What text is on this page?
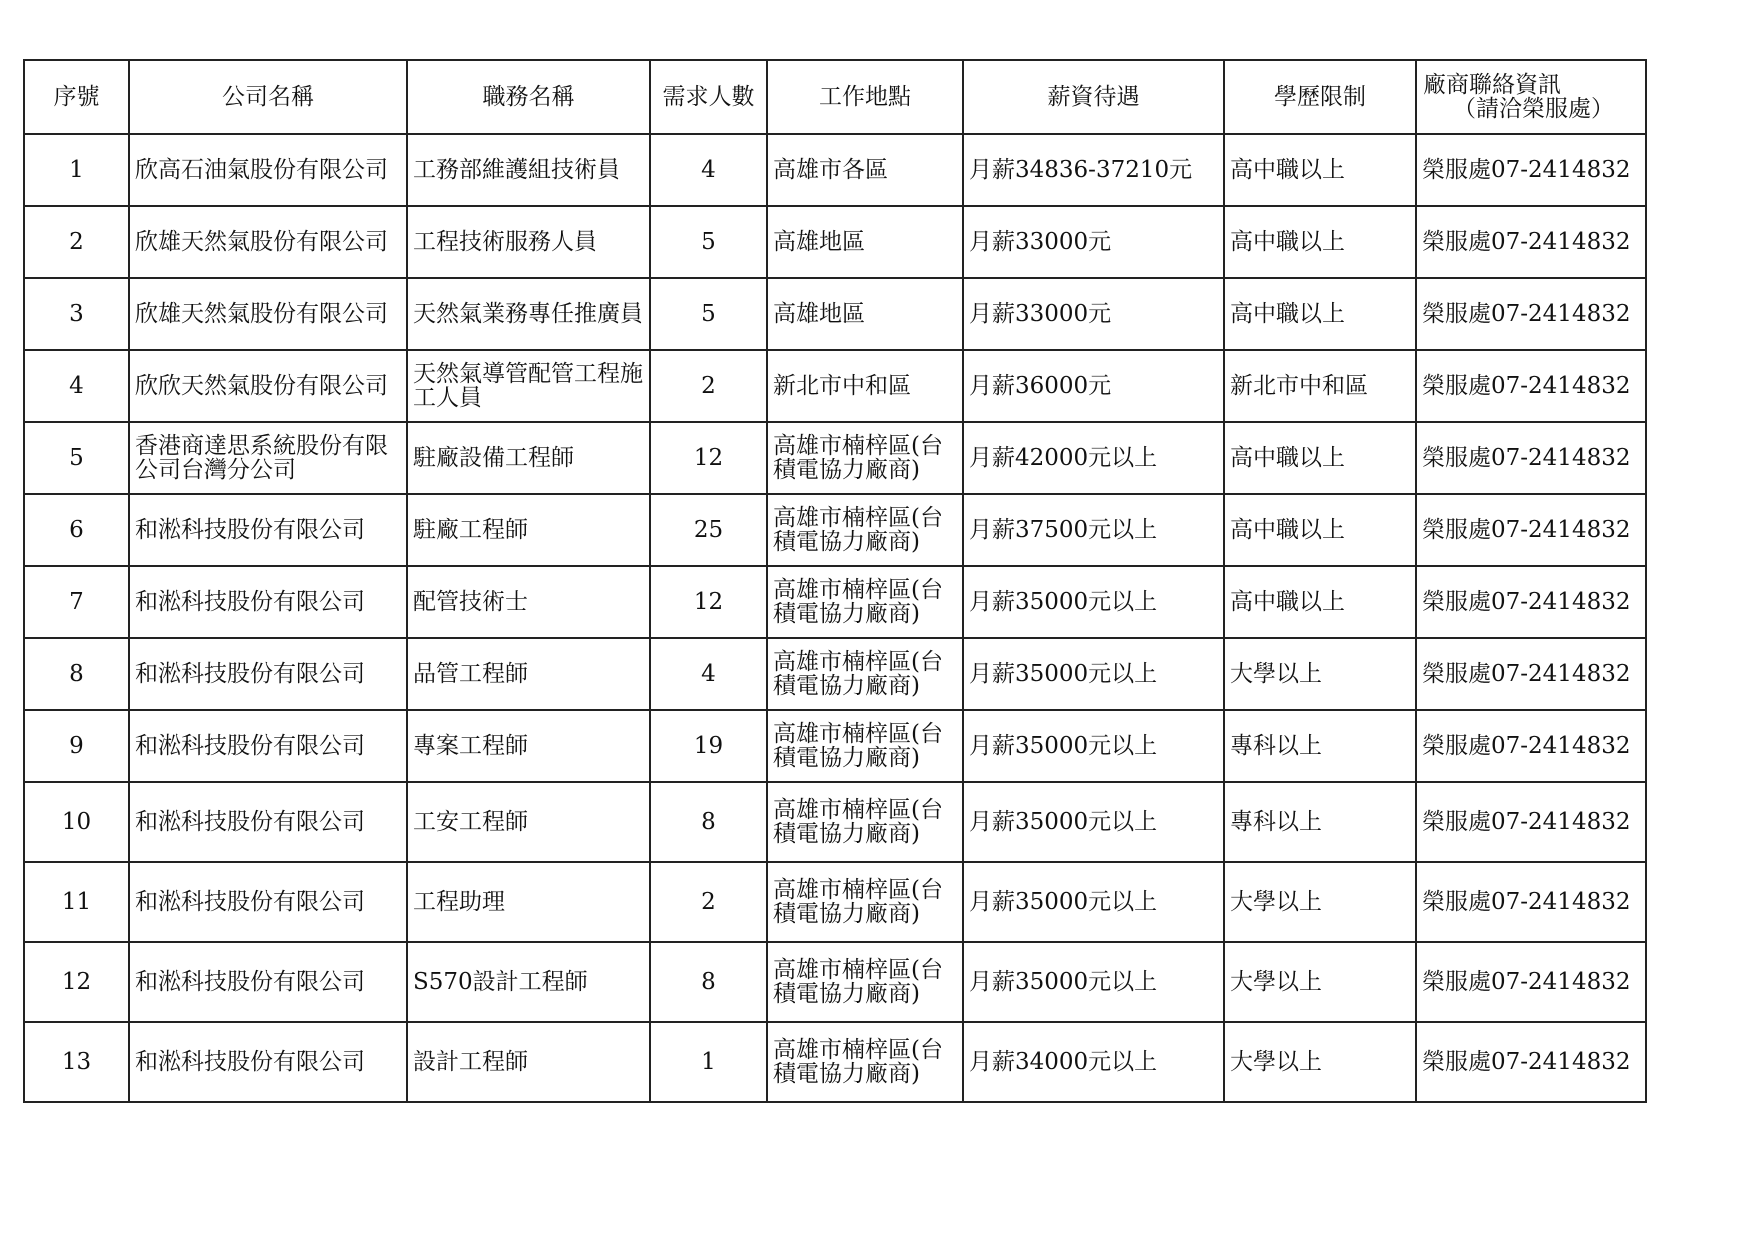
序號	公司名稱	職務名稱	需求人數	工作地點	薪資待遇	學歷限制	廠商聯絡資訊
（請洽榮服處）

1	欣高石油氣股份有限公司	工務部維護組技術員	4	高雄市各區	月薪34836-37210元	高中職以上	榮服處07-2414832
2	欣雄天然氣股份有限公司	工程技術服務人員	5	高雄地區	月薪33000元	高中職以上	榮服處07-2414832
3	欣雄天然氣股份有限公司	天然氣業務專任推廣員	5	高雄地區	月薪33000元	高中職以上	榮服處07-2414832
4	欣欣天然氣股份有限公司	天然氣導管配管工程施工人員	2	新北市中和區	月薪36000元	新北市中和區	榮服處07-2414832
5	香港商達思系統股份有限公司台灣分公司	駐廠設備工程師	12	高雄市楠梓區(台積電協力廠商)	月薪42000元以上	高中職以上	榮服處07-2414832
6	和淞科技股份有限公司	駐廠工程師	25	高雄市楠梓區(台積電協力廠商)	月薪37500元以上	高中職以上	榮服處07-2414832
7	和淞科技股份有限公司	配管技術士	12	高雄市楠梓區(台積電協力廠商)	月薪35000元以上	高中職以上	榮服處07-2414832
8	和淞科技股份有限公司	品管工程師	4	高雄市楠梓區(台積電協力廠商)	月薪35000元以上	大學以上	榮服處07-2414832
9	和淞科技股份有限公司	專案工程師	19	高雄市楠梓區(台積電協力廠商)	月薪35000元以上	專科以上	榮服處07-2414832
10	和淞科技股份有限公司	工安工程師	8	高雄市楠梓區(台積電協力廠商)	月薪35000元以上	專科以上	榮服處07-2414832
11	和淞科技股份有限公司	工程助理	2	高雄市楠梓區(台積電協力廠商)	月薪35000元以上	大學以上	榮服處07-2414832
12	和淞科技股份有限公司	S570設計工程師	8	高雄市楠梓區(台積電協力廠商)	月薪35000元以上	大學以上	榮服處07-2414832
13	和淞科技股份有限公司	設計工程師	1	高雄市楠梓區(台積電協力廠商)	月薪34000元以上	大學以上	榮服處07-2414832
